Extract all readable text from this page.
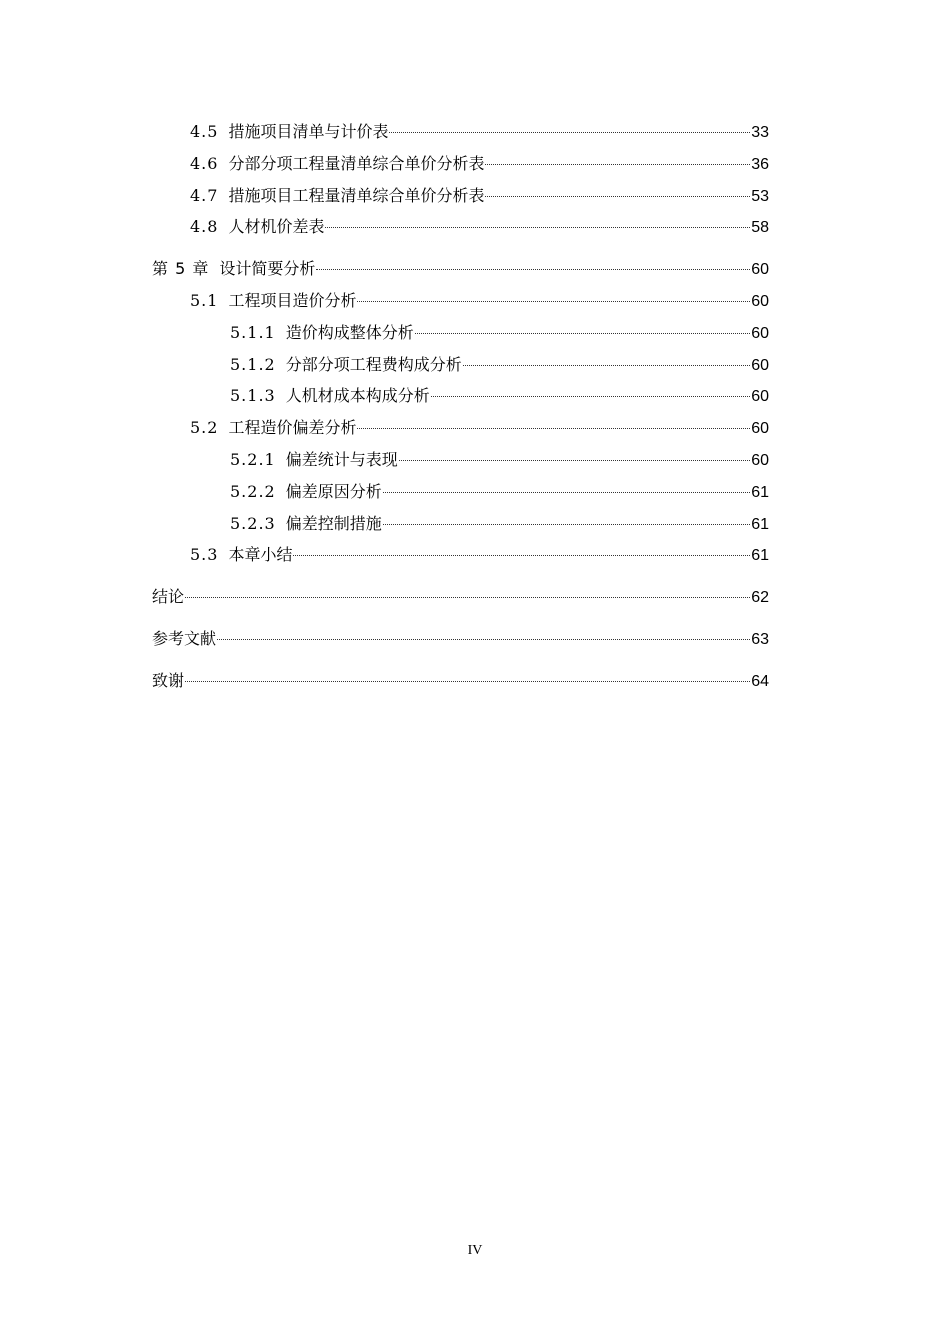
4.5 措施项目清单与计价表	33
4.6 分部分项工程量清单综合单价分析表	36
4.7 措施项目工程量清单综合单价分析表	53
4.8 人材机价差表	58
第 5 章 设计简要分析	60
5.1 工程项目造价分析	60
5.1.1 造价构成整体分析	60
5.1.2 分部分项工程费构成分析	60
5.1.3 人机材成本构成分析	60
5.2 工程造价偏差分析	60
5.2.1 偏差统计与表现	60
5.2.2 偏差原因分析	61
5.2.3 偏差控制措施	61
5.3 本章小结	61
结论	62
参考文献	63
致谢	64
IV
